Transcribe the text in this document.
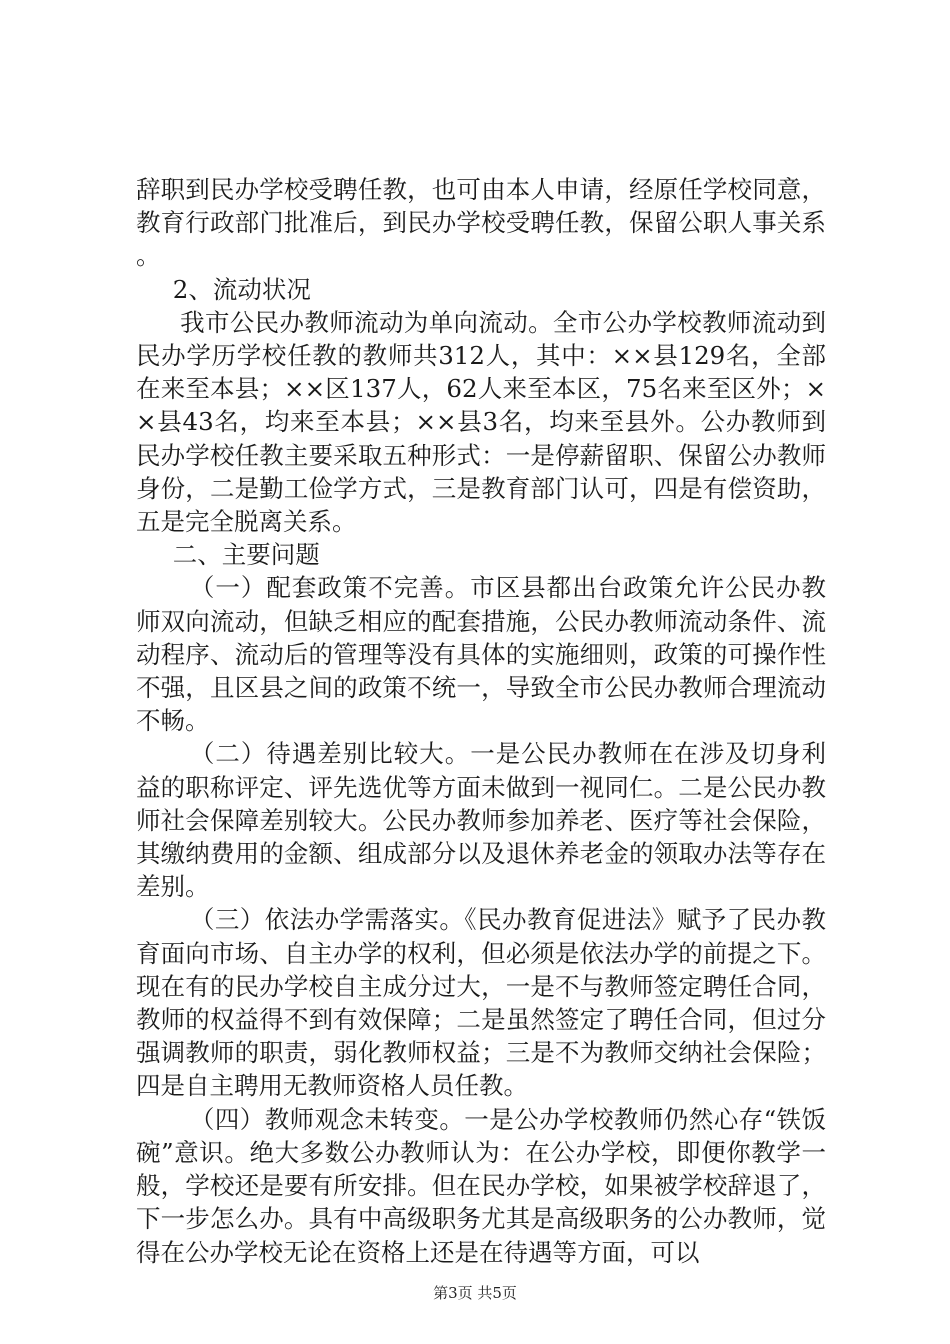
辞职到民办学校受聘任教，也可由本人申请，经原任学校同意，教育行政部门批准后，到民办学校受聘任教，保留公职人事关系。

2、流动状况

我市公民办教师流动为单向流动。全市公办学校教师流动到民办学历学校任教的教师共312人，其中：××县129名，全部在来至本县；××区137人，62人来至本区，75名来至区外；××县43名，均来至本县；××县3名，均来至县外。公办教师到民办学校任教主要采取五种形式：一是停薪留职、保留公办教师身份，二是勤工俭学方式，三是教育部门认可，四是有偿资助，五是完全脱离关系。

二、主要问题

（一）配套政策不完善。市区县都出台政策允许公民办教师双向流动，但缺乏相应的配套措施，公民办教师流动条件、流动程序、流动后的管理等没有具体的实施细则，政策的可操作性不强，且区县之间的政策不统一，导致全市公民办教师合理流动不畅。

（二）待遇差别比较大。一是公民办教师在在涉及切身利益的职称评定、评先选优等方面未做到一视同仁。二是公民办教师社会保障差别较大。公民办教师参加养老、医疗等社会保险，其缴纳费用的金额、组成部分以及退休养老金的领取办法等存在差别。

（三）依法办学需落实。《民办教育促进法》赋予了民办教育面向市场、自主办学的权利，但必须是依法办学的前提之下。现在有的民办学校自主成分过大，一是不与教师签定聘任合同，教师的权益得不到有效保障；二是虽然签定了聘任合同，但过分强调教师的职责，弱化教师权益；三是不为教师交纳社会保险；四是自主聘用无教师资格人员任教。

（四）教师观念未转变。一是公办学校教师仍然心存“铁饭碗”意识。绝大多数公办教师认为：在公办学校，即便你教学一般，学校还是要有所安排。但在民办学校，如果被学校辞退了，下一步怎么办。具有中高级职务尤其是高级职务的公办教师，觉得在公办学校无论在资格上还是在待遇等方面，可以

第3页 共5页
